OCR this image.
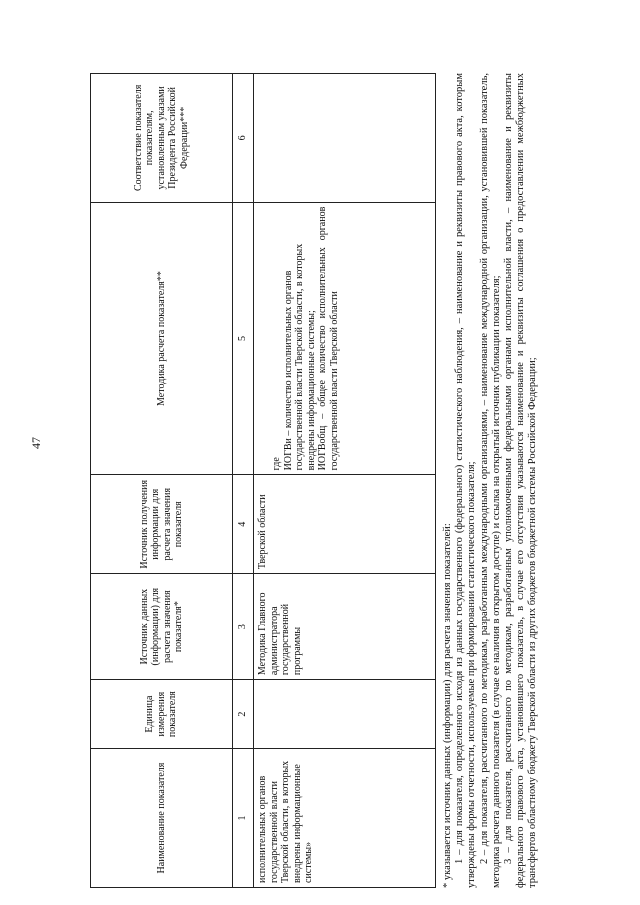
47
Наименование показателя	Единица измерения показателя	Источник данных (информации) для расчета значения показателя*	Источник получения информации для расчета значения показателя	Методика расчета показателя**	Соответствие показателя показателям, установленным указами Президента Российской Федерации***
1	2	3	4	5	6
исполнительных органов государственной власти Тверской области, в которых внедрены информационные системы»		Методика Главного администратора государственной программы	Тверской области	где ИОГВи – количество исполнительных органов государственной власти Тверской области, в которых внедрены информационные системы; ИОГВобщ – общее количество исполнительных органов государственной власти Тверской области	

* указывается источник данных (информации) для расчета значения показателей: 1 – для показателя, определенного исходя из данных государственного (федерального) статистического наблюдения, – наименование и реквизиты правового акта, которым утверждены формы отчетности, используемые при формировании статистического показателя; 2 – для показателя, рассчитанного по методикам, разработанным международными организациями, – наименование международной организации, установившей показатель, методика расчета данного показателя (в случае ее наличия в открытом доступе) и ссылка на открытый источник публикации показателя; 3 – для показателя, рассчитанного по методикам, разработанным уполномоченными федеральными органами исполнительной власти, – наименование и реквизиты федерального правового акта, установившего показатель, в случае его отсутствия указываются наименование и реквизиты соглашения о предоставлении межбюджетных трансфертов областному бюджету Тверской области из других бюджетов бюджетной системы Российской Федерации;
